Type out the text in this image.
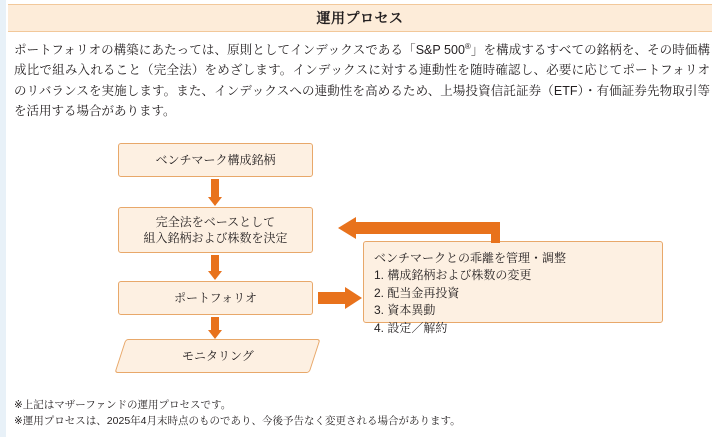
運用プロセス
ポートフォリオの構築にあたっては、原則としてインデックスである「S&P 500®」を構成するすべての銘柄を、その時価構成比で組み入れること（完全法）をめざします。インデックスに対する連動性を随時確認し、必要に応じてポートフォリオのリバランスを実施します。また、インデックスへの連動性を高めるため、上場投資信託証券（ETF）・有価証券先物取引等を活用する場合があります。
ベンチマーク構成銘柄
完全法をベースとして
組入銘柄および株数を決定
ポートフォリオ
モニタリング
ベンチマークとの乖離を管理・調整
1. 構成銘柄および株数の変更
2. 配当金再投資
3. 資本異動
4. 設定／解約
※上記はマザーファンドの運用プロセスです。
※運用プロセスは、2025年4月末時点のものであり、今後予告なく変更される場合があります。
